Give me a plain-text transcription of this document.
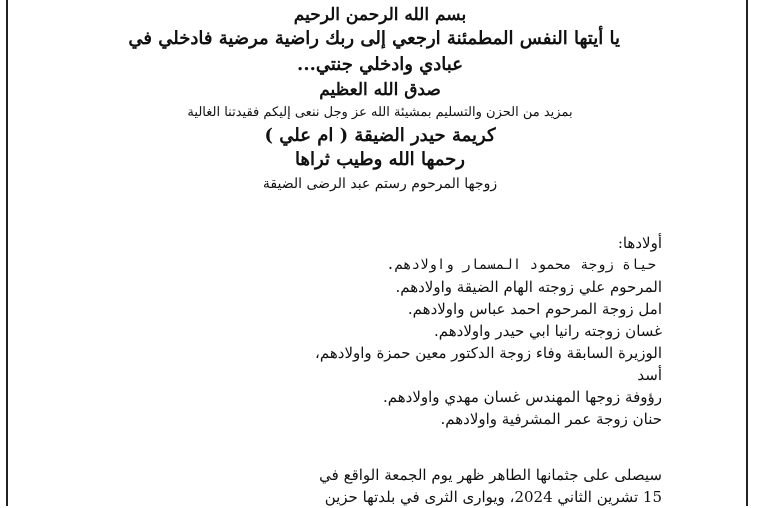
بسم الله الرحمن الرحيم

يا أيتها النفس المطمئنة ارجعي إلى ربك راضية مرضية فادخلي في

عبادي وادخلي جنتي...

صدق الله العظيم

بمزيد من الحزن والتسليم بمشيئة الله عز وجل ننعى إليكم فقيدتنا الغالية

كريمة حيدر الضيقة ( ام علي )

رحمها الله وطيب ثراها

زوجها المرحوم رستم عبد الرضى الضيقة

أولادها:

حياة زوجة محمود المسمار واولادهم.
المرحوم علي زوجته الهام الضيقة واولادهم.
امل زوجة المرحوم احمد عباس واولادهم.
غسان زوجته رانيا ابي حيدر واولادهم.
الوزيرة السابقة وفاء زوجة الدكتور معين حمزة واولادهم،
أسد
رؤوفة زوجها المهندس غسان مهدي واولادهم.
حنان زوجة عمر المشرفية واولادهم.

سيصلى على جثمانها الطاهر ظهر يوم الجمعة الواقع في

15 تشرين الثاني 2024، ويوارى الثرى في بلدتها حزين
